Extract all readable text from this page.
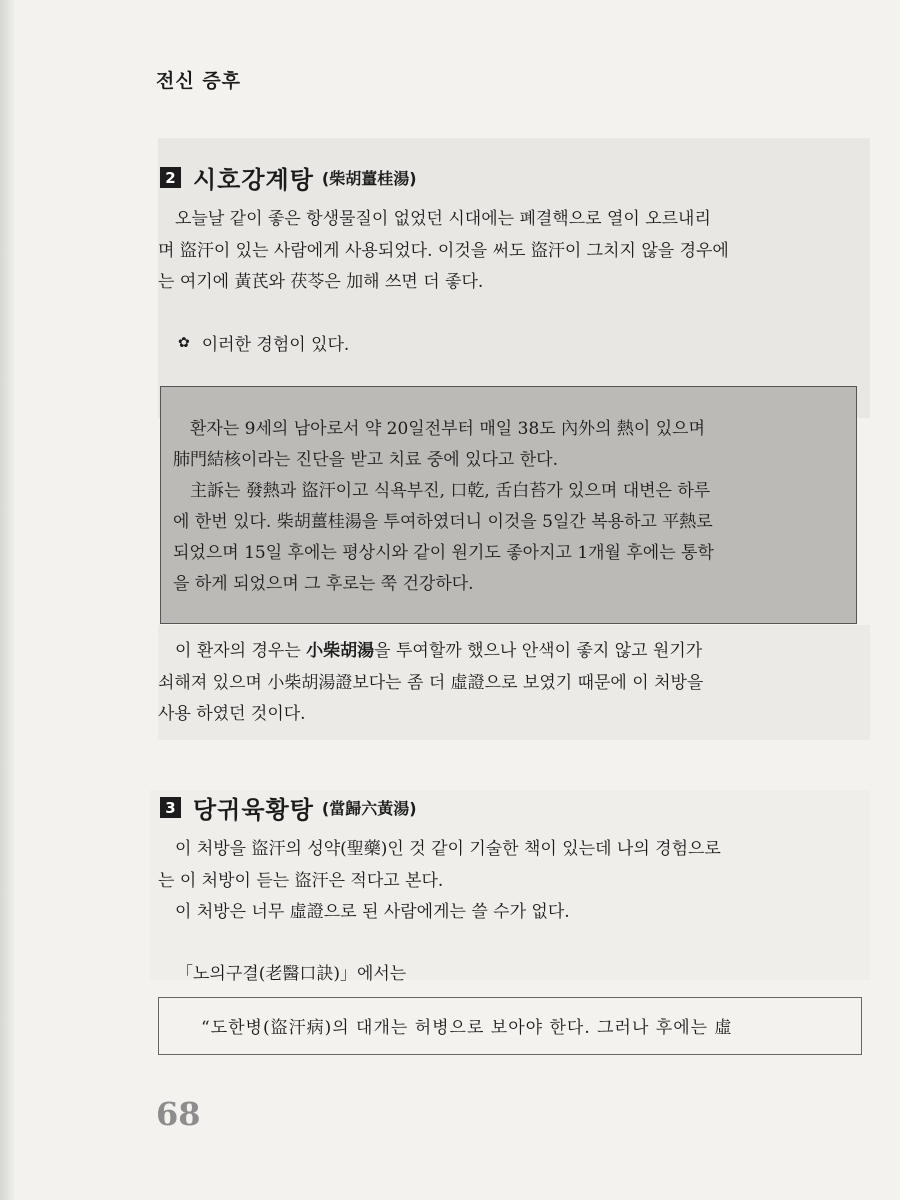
전신 증후
2 시호강계탕 (柴胡薑桂湯)

오늘날 같이 좋은 항생물질이 없었던 시대에는 폐결핵으로 열이 오르내리
며 盜汗이 있는 사람에게 사용되었다. 이것을 써도 盜汗이 그치지 않을 경우에
는 여기에 黃芪와 茯苓은 加해 쓰면 더 좋다.

✿ 이러한 경험이 있다.

환자는 9세의 남아로서 약 20일전부터 매일 38도 內外의 熱이 있으며
肺門結核이라는 진단을 받고 치료 중에 있다고 한다.

主訴는 發熱과 盜汗이고 식욕부진, 口乾, 舌白苔가 있으며 대변은 하루
에 한번 있다. 柴胡薑桂湯을 투여하였더니 이것을 5일간 복용하고 平熱로
되었으며 15일 후에는 평상시와 같이 원기도 좋아지고 1개월 후에는 통학
을 하게 되었으며 그 후로는 쭉 건강하다.

이 환자의 경우는 小柴胡湯을 투여할까 했으나 안색이 좋지 않고 원기가
쇠해져 있으며 小柴胡湯證보다는 좀 더 虛證으로 보였기 때문에 이 처방을
사용 하였던 것이다.

3 당귀육황탕 (當歸六黃湯)

이 처방을 盜汗의 성약(聖藥)인 것 같이 기술한 책이 있는데 나의 경험으로
는 이 처방이 듣는 盜汗은 적다고 본다.
이 처방은 너무 虛證으로 된 사람에게는 쓸 수가 없다.

「노의구결(老醫口訣)」에서는
“도한병(盜汗病)의 대개는 허병으로 보아야 한다. 그러나 후에는 虛
68
